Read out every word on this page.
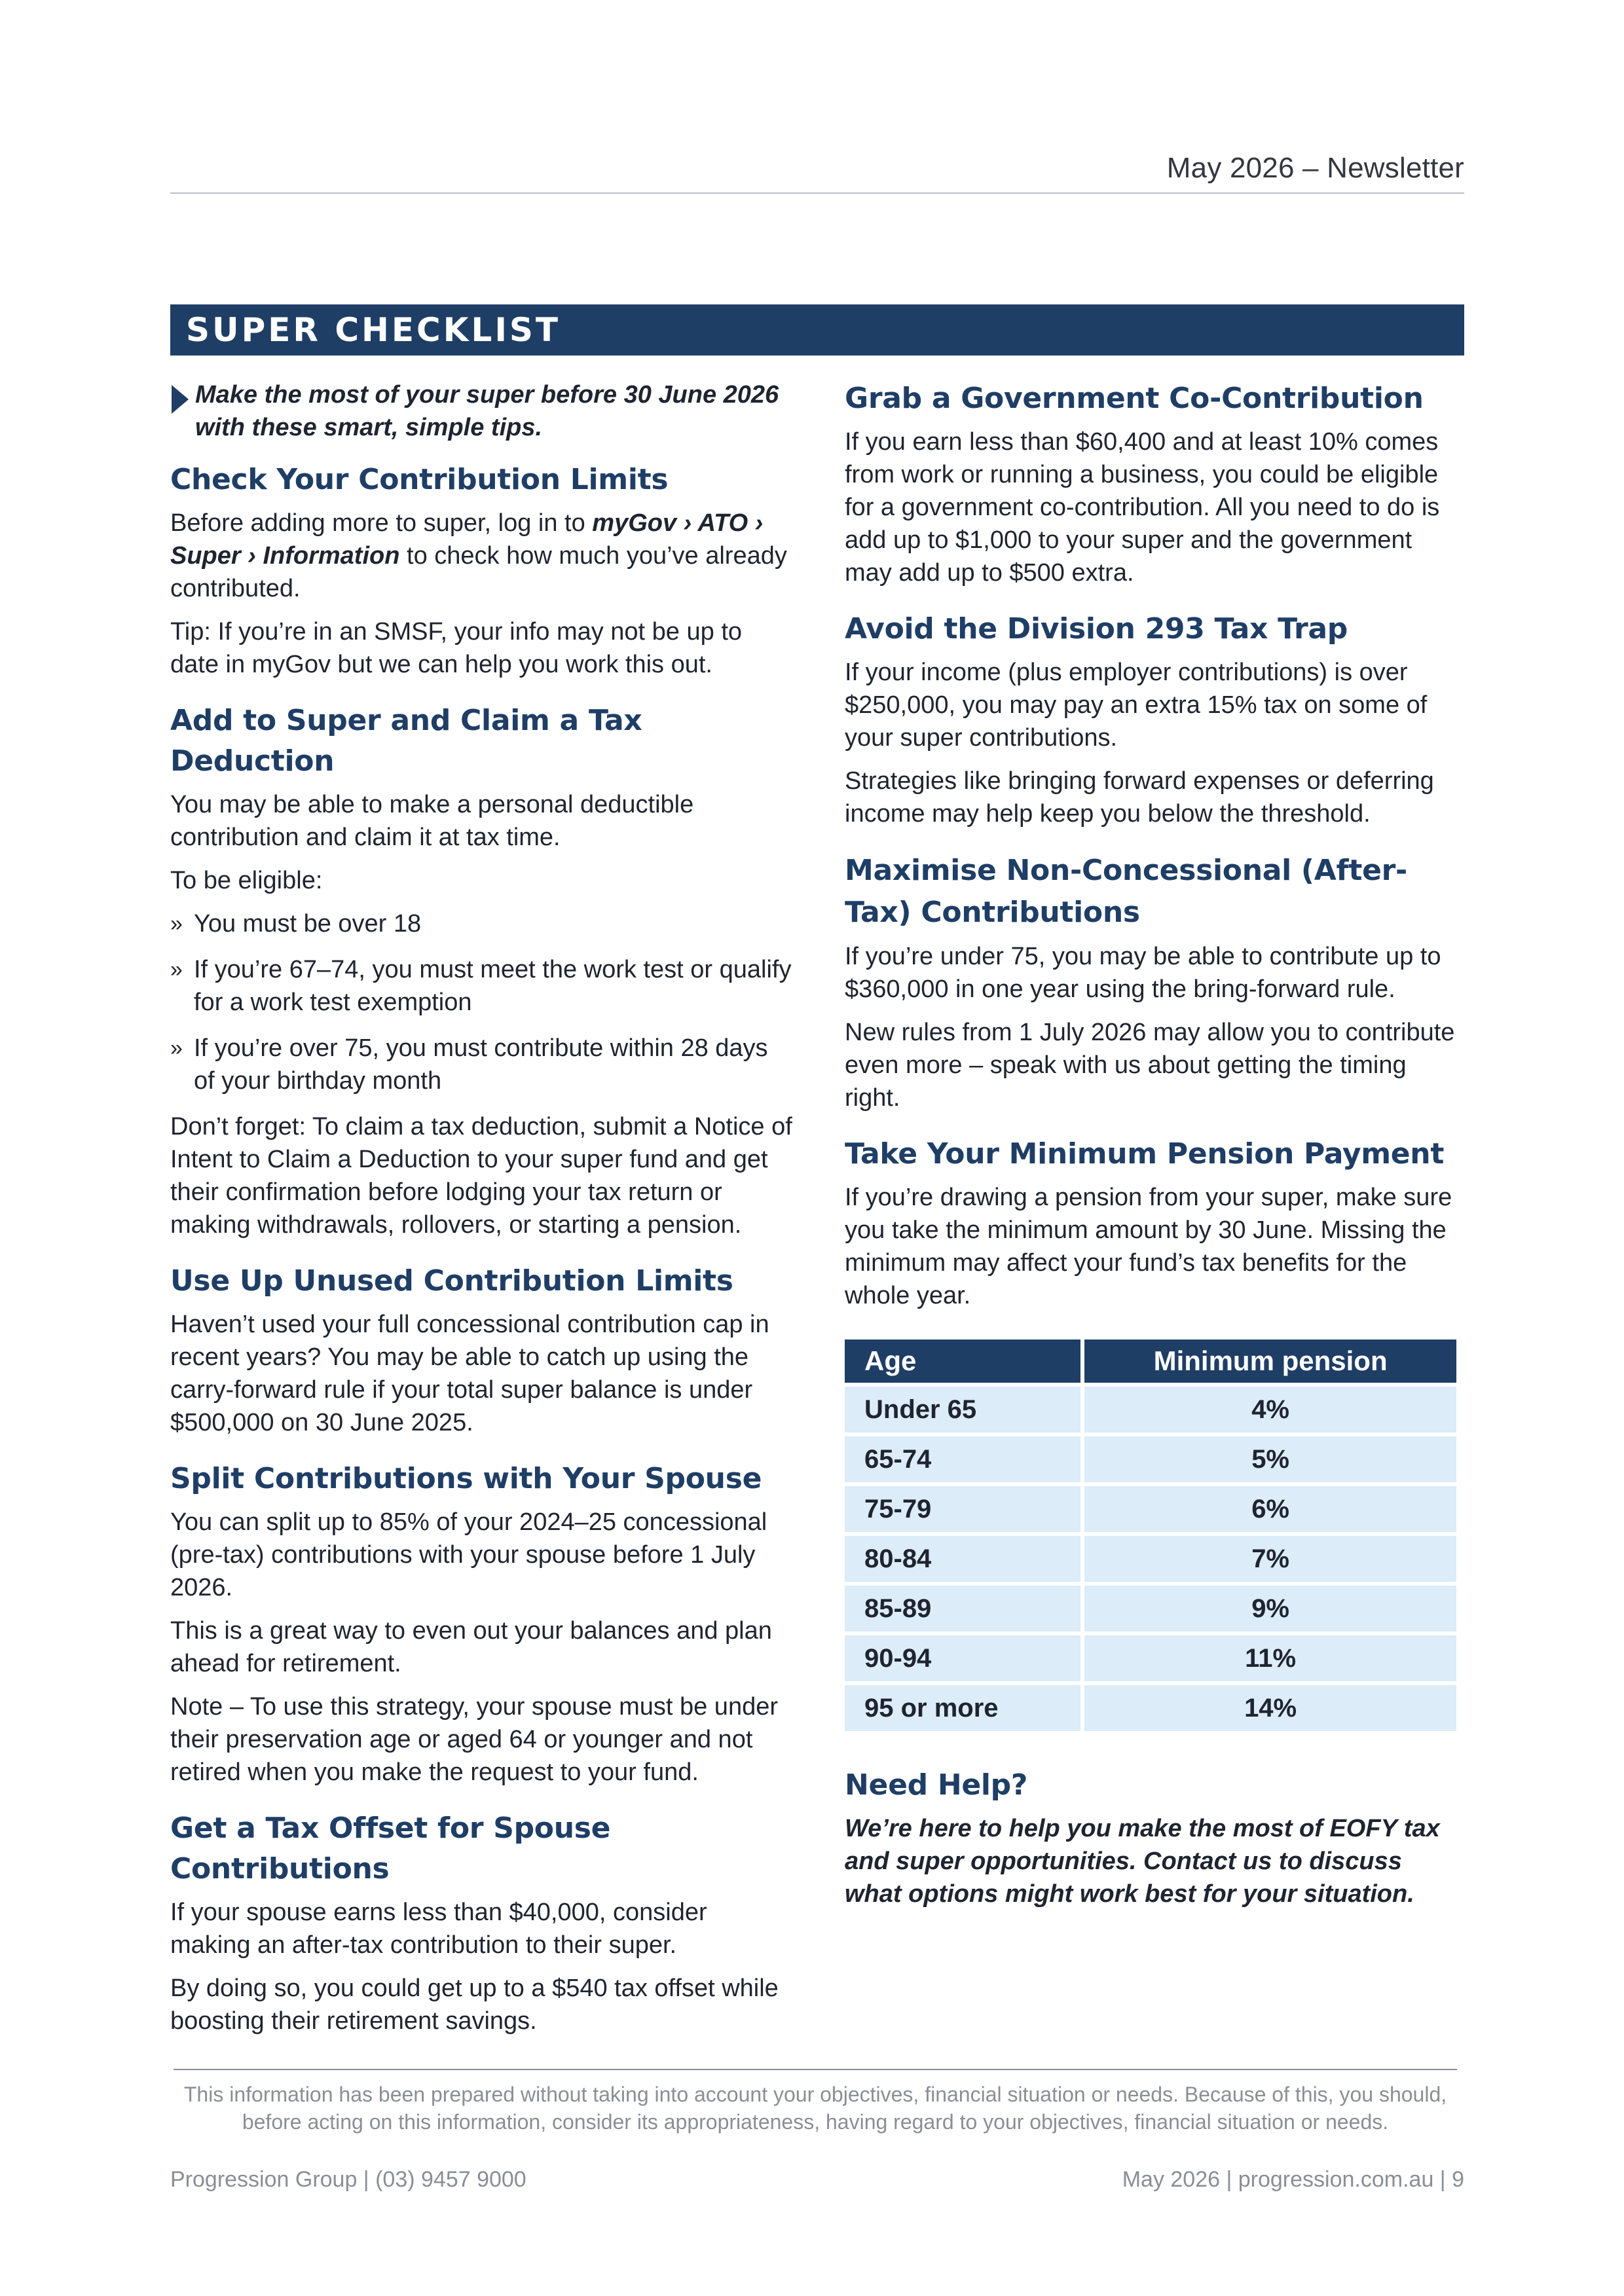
May 2026 – Newsletter
SUPER CHECKLIST
Make the most of your super before 30 June 2026 with these smart, simple tips.
Check Your Contribution Limits

Before adding more to super, log in to myGov › ATO › Super › Information to check how much you’ve already contributed.

Tip: If you’re in an SMSF, your info may not be up to date in myGov but we can help you work this out.

Add to Super and Claim a Tax Deduction

You may be able to make a personal deductible contribution and claim it at tax time.

To be eligible:

» You must be over 18
» If you’re 67–74, you must meet the work test or qualify for a work test exemption
» If you’re over 75, you must contribute within 28 days of your birthday month

Don’t forget: To claim a tax deduction, submit a Notice of Intent to Claim a Deduction to your super fund and get their confirmation before lodging your tax return or making withdrawals, rollovers, or starting a pension.

Use Up Unused Contribution Limits

Haven’t used your full concessional contribution cap in recent years? You may be able to catch up using the carry-forward rule if your total super balance is under $500,000 on 30 June 2025.

Split Contributions with Your Spouse

You can split up to 85% of your 2024–25 concessional (pre-tax) contributions with your spouse before 1 July 2026.

This is a great way to even out your balances and plan ahead for retirement.

Note – To use this strategy, your spouse must be under their preservation age or aged 64 or younger and not retired when you make the request to your fund.

Get a Tax Offset for Spouse Contributions

If your spouse earns less than $40,000, consider making an after-tax contribution to their super.

By doing so, you could get up to a $540 tax offset while boosting their retirement savings.

Grab a Government Co-Contribution

If you earn less than $60,400 and at least 10% comes from work or running a business, you could be eligible for a government co-contribution. All you need to do is add up to $1,000 to your super and the government may add up to $500 extra.

Avoid the Division 293 Tax Trap

If your income (plus employer contributions) is over $250,000, you may pay an extra 15% tax on some of your super contributions.

Strategies like bringing forward expenses or deferring income may help keep you below the threshold.

Maximise Non-Concessional (After-Tax) Contributions

If you’re under 75, you may be able to contribute up to $360,000 in one year using the bring-forward rule.

New rules from 1 July 2026 may allow you to contribute even more – speak with us about getting the timing right.

Take Your Minimum Pension Payment

If you’re drawing a pension from your super, make sure you take the minimum amount by 30 June. Missing the minimum may affect your fund’s tax benefits for the whole year.

Age	Minimum pension
Under 65	4%
65-74	5%
75-79	6%
80-84	7%
85-89	9%
90-94	11%
95 or more	14%
Need Help?
We’re here to help you make the most of EOFY tax and super opportunities. Contact us to discuss what options might work best for your situation.
This information has been prepared without taking into account your objectives, financial situation or needs. Because of this, you should, before acting on this information, consider its appropriateness, having regard to your objectives, financial situation or needs.
Progression Group | (03) 9457 9000	May 2026 | progression.com.au | 9
